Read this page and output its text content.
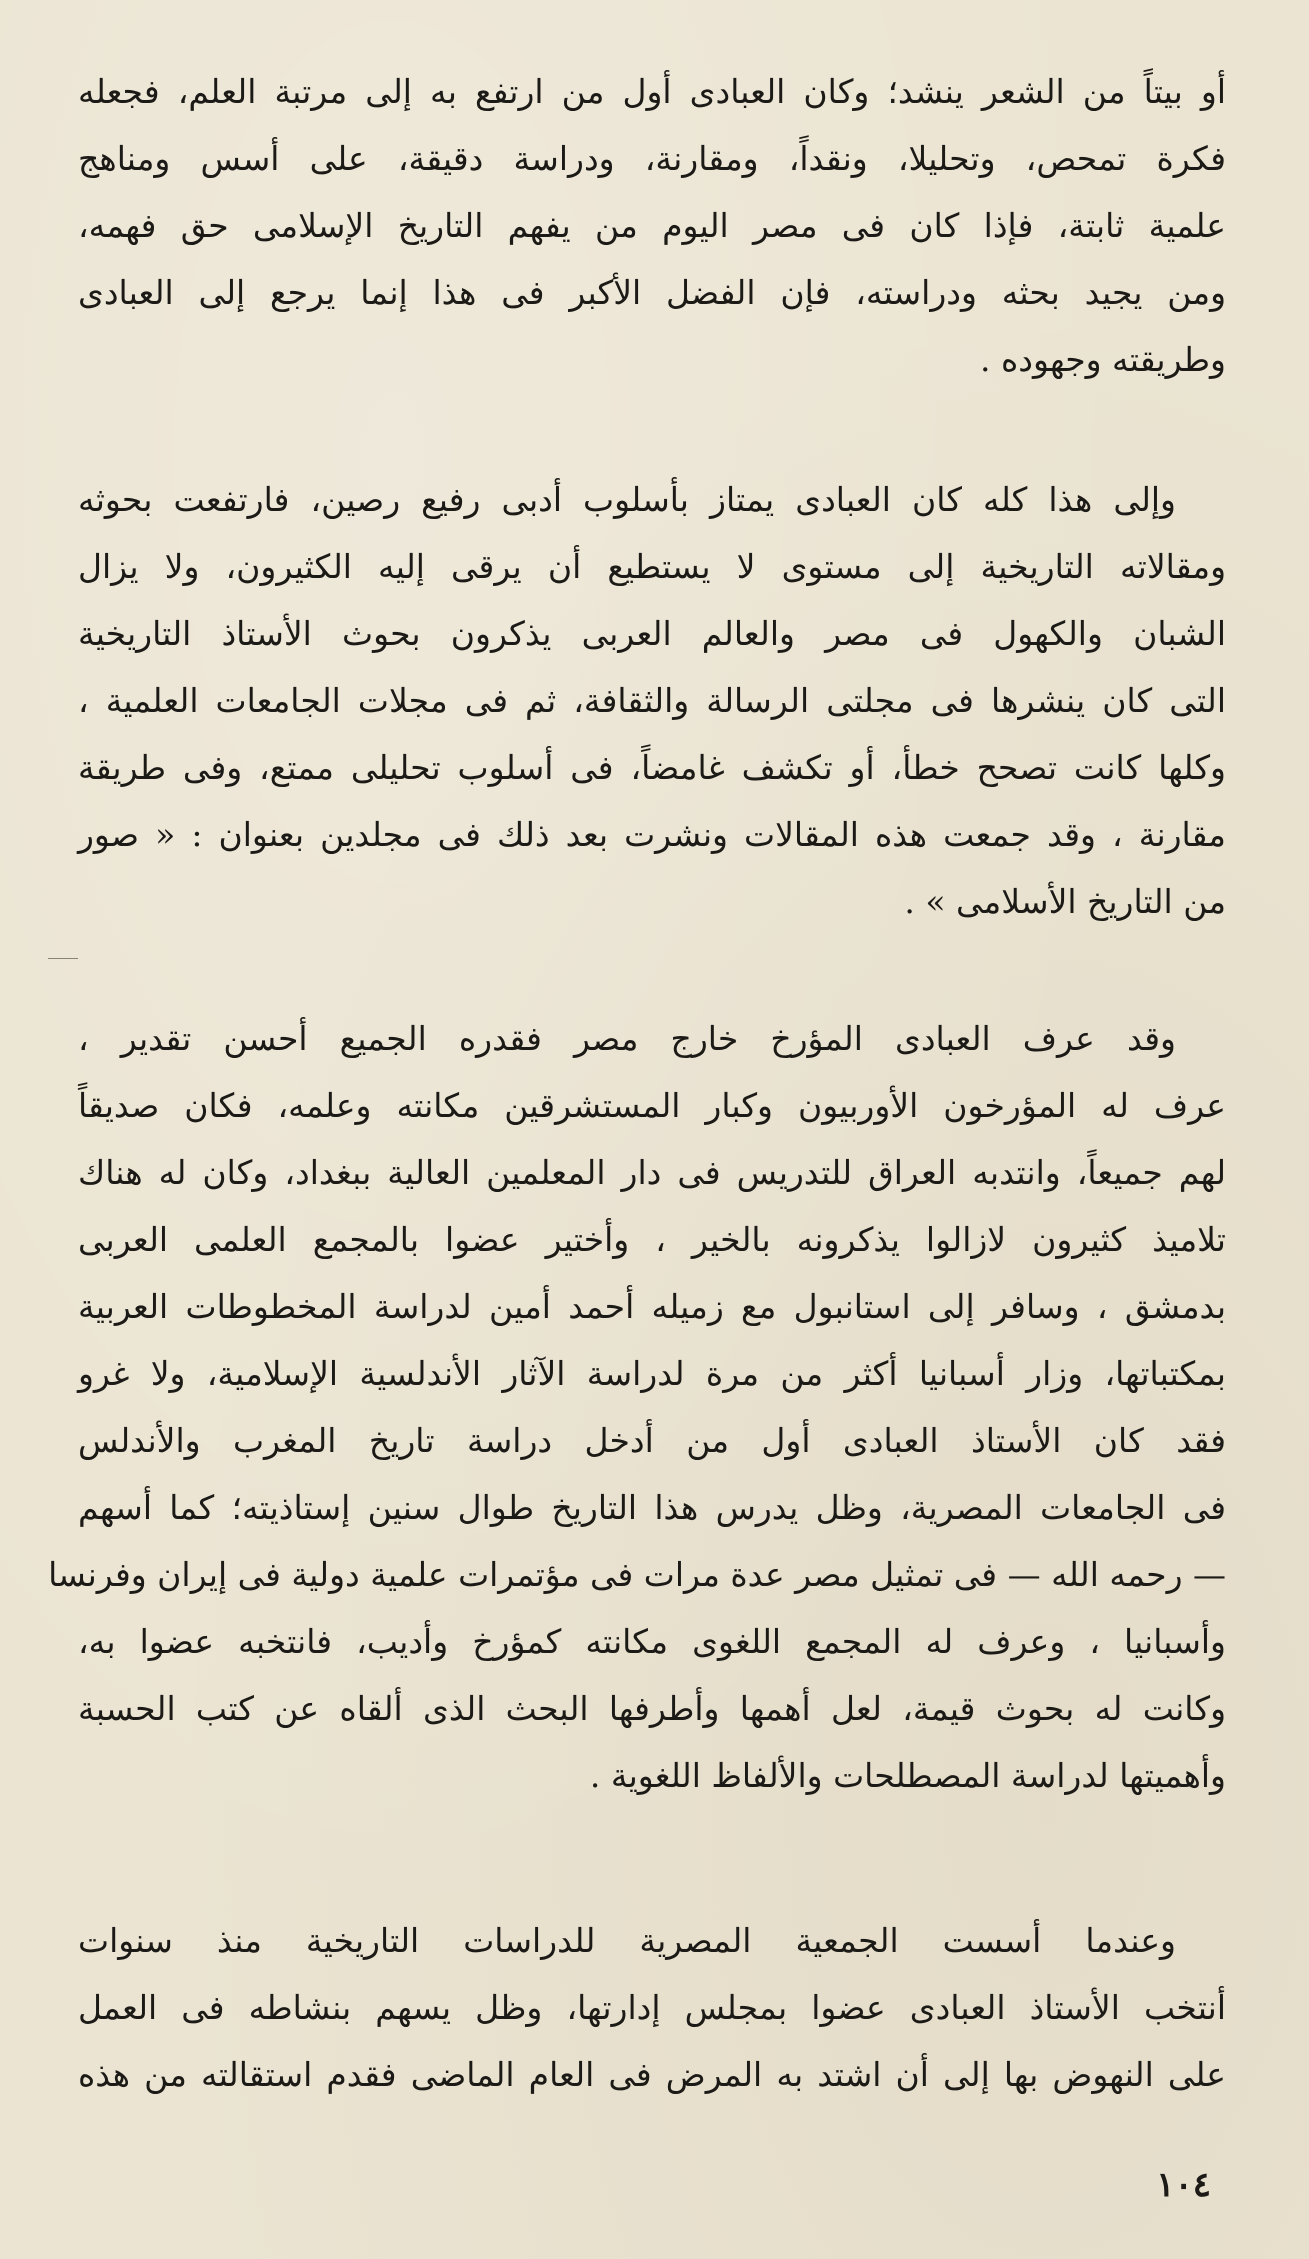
أو بيتاً من الشعر ينشد؛ وكان العبادى أول من ارتفع به إلى مرتبة العلم، فجعله
فكرة تمحص، وتحليلا، ونقداً، ومقارنة، ودراسة دقيقة، على أسس ومناهج
علمية ثابتة، فإذا كان فى مصر اليوم من يفهم التاريخ الإسلامى حق فهمه،
ومن يجيد بحثه ودراسته، فإن الفضل الأكبر فى هذا إنما يرجع إلى العبادى
وطريقته وجهوده .
وإلى هذا كله كان العبادى يمتاز بأسلوب أدبى رفيع رصين، فارتفعت بحوثه
ومقالاته التاريخية إلى مستوى لا يستطيع أن يرقى إليه الكثيرون، ولا يزال
الشبان والكهول فى مصر والعالم العربى يذكرون بحوث الأستاذ التاريخية
التى كان ينشرها فى مجلتى الرسالة والثقافة، ثم فى مجلات الجامعات العلمية ،
وكلها كانت تصحح خطأ، أو تكشف غامضاً، فى أسلوب تحليلى ممتع، وفى طريقة
مقارنة ، وقد جمعت هذه المقالات ونشرت بعد ذلك فى مجلدين بعنوان : « صور
من التاريخ الأسلامى » .
وقد عرف العبادى المؤرخ خارج مصر فقدره الجميع أحسن تقدير ،
عرف له المؤرخون الأوربيون وكبار المستشرقين مكانته وعلمه، فكان صديقاً
لهم جميعاً، وانتدبه العراق للتدريس فى دار المعلمين العالية ببغداد، وكان له هناك
تلاميذ كثيرون لازالوا يذكرونه بالخير ، وأختير عضوا بالمجمع العلمى العربى
بدمشق ، وسافر إلى استانبول مع زميله أحمد أمين لدراسة المخطوطات العربية
بمكتباتها، وزار أسبانيا أكثر من مرة لدراسة الآثار الأندلسية الإسلامية، ولا غرو
فقد كان الأستاذ العبادى أول من أدخل دراسة تاريخ المغرب والأندلس
فى الجامعات المصرية، وظل يدرس هذا التاريخ طوال سنين إستاذيته؛ كما أسهم
— رحمه الله — فى تمثيل مصر عدة مرات فى مؤتمرات علمية دولية فى إيران وفرنسا
وأسبانيا ، وعرف له المجمع اللغوى مكانته كمؤرخ وأديب، فانتخبه عضوا به،
وكانت له بحوث قيمة، لعل أهمها وأطرفها البحث الذى ألقاه عن كتب الحسبة
وأهميتها لدراسة المصطلحات والألفاظ اللغوية .
وعندما أسست الجمعية المصرية للدراسات التاريخية منذ سنوات
أنتخب الأستاذ العبادى عضوا بمجلس إدارتها، وظل يسهم بنشاطه فى العمل
على النهوض بها إلى أن اشتد به المرض فى العام الماضى فقدم استقالته من هذه
١٠٤
